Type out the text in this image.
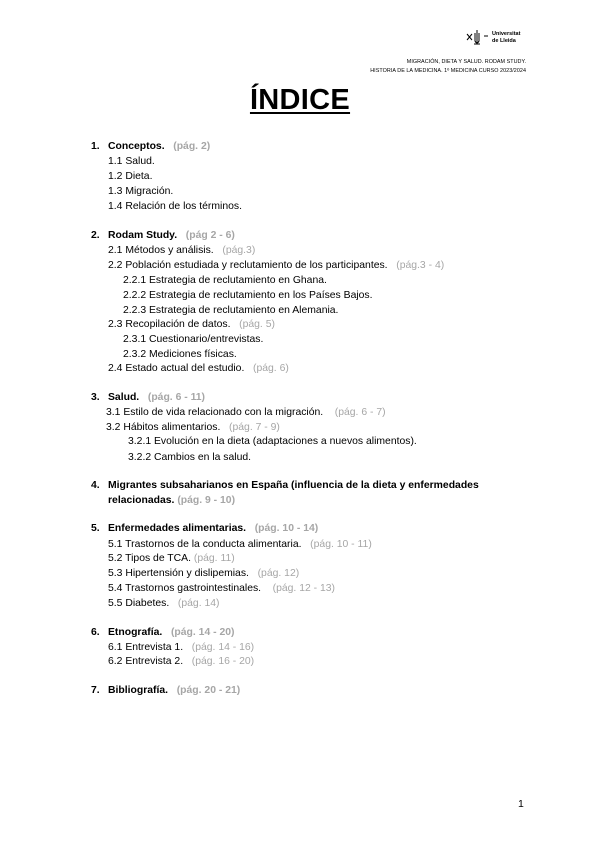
Universitat
de Lleida
MIGRACIÓN, DIETA Y SALUD. RODAM STUDY.
HISTORIA DE LA MEDICINA. 1º MEDICINA CURSO 2023/2024
ÍNDICE
1. Conceptos. (pág. 2)
1.1 Salud.
1.2 Dieta.
1.3 Migración.
1.4 Relación de los términos.
2. Rodam Study. (pág 2 - 6)
2.1 Métodos y análisis. (pág.3)
2.2 Población estudiada y reclutamiento de los participantes. (pág.3 - 4)
2.2.1 Estrategia de reclutamiento en Ghana.
2.2.2 Estrategia de reclutamiento en los Países Bajos.
2.2.3 Estrategia de reclutamiento en Alemania.
2.3 Recopilación de datos. (pág. 5)
2.3.1 Cuestionario/entrevistas.
2.3.2 Mediciones físicas.
2.4 Estado actual del estudio. (pág. 6)
3. Salud. (pág. 6 - 11)
3.1 Estilo de vida relacionado con la migración. (pág. 6 - 7)
3.2 Hábitos alimentarios. (pág. 7 - 9)
3.2.1 Evolución en la dieta (adaptaciones a nuevos alimentos).
3.2.2 Cambios en la salud.
4. Migrantes subsaharianos en España (influencia de la dieta y enfermedades
relacionadas. (pág. 9 - 10)
5. Enfermedades alimentarias. (pág. 10 - 14)
5.1 Trastornos de la conducta alimentaria. (pág. 10 - 11)
5.2 Tipos de TCA. (pág. 11)
5.3 Hipertensión y dislipemias. (pág. 12)
5.4 Trastornos gastrointestinales. (pág. 12 - 13)
5.5 Diabetes. (pág. 14)
6. Etnografía. (pág. 14 - 20)
6.1 Entrevista 1. (pág. 14 - 16)
6.2 Entrevista 2. (pág. 16 - 20)
7. Bibliografía. (pág. 20 - 21)
1
